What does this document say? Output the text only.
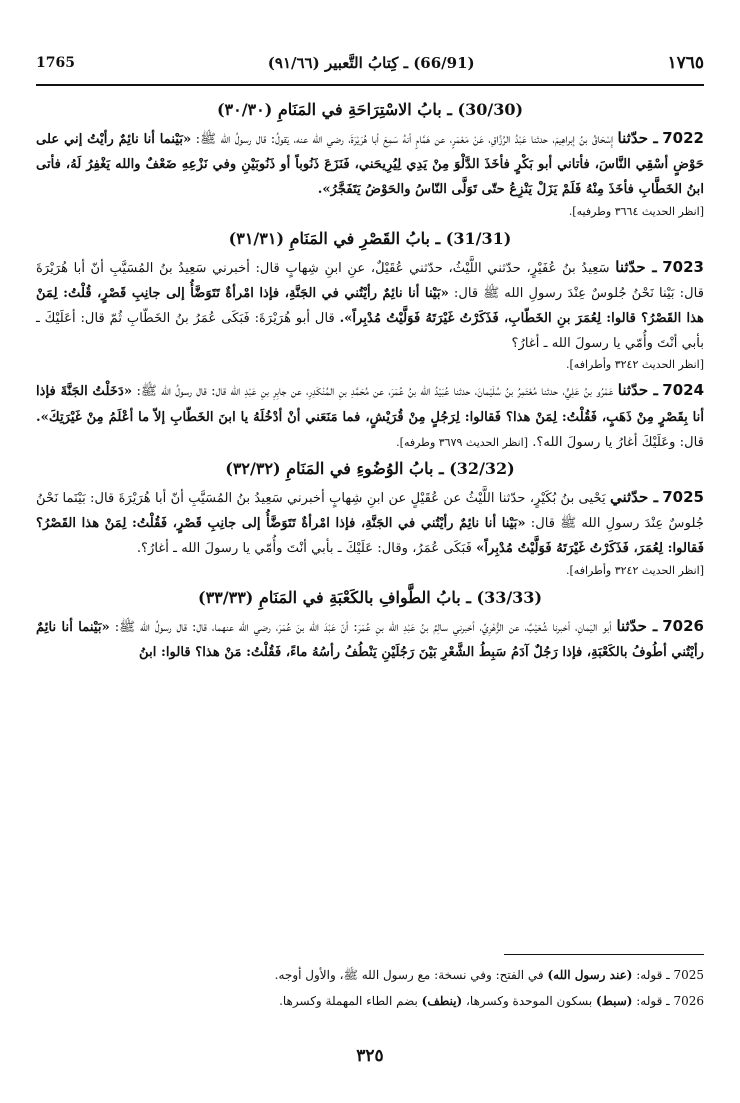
1765	(66/91) ـ كِتابُ التَّعبير (٩١/٦٦)	١٧٦٥

(30/30) ـ بابُ الاسْتِرَاحَةِ في المَنَامِ (٣٠/٣٠)

7022 ـ حدّثنا إِسْحَاقُ بنُ إبراهِيمَ، حدثنا عَبْدُ الرَّزَّاقِ، عَنْ مَعْمَرٍ، عن هَمَّامٍ أنهُ سَمِعَ أبا هُرَيْرَةَ، رضي الله عنه، يَقولُ: قال رسولُ الله ﷺ: «بَيْنما أنا نائِمٌ رأيْتُ إني على حَوْضٍ أسْقِي النَّاسَ، فأتاني أبو بَكْرٍ فأخَذَ الدَّلْوَ مِنْ يَدِي لِيُرِيحَني، فَنَزَعَ ذَنُوباً أو ذَنُوبَيْنِ وفي نَزْعِهِ ضَعْفٌ والله يَغْفِرُ لَهُ، فأتى ابنُ الخَطَّابِ فأخَذَ مِنْهُ فَلَمْ يَزَلْ يَنْزِعُ حتّى تَوَلَّى النّاسُ والحَوْضُ يَتَفَجَّرُ».

[انظر الحديث ٣٦٦٤ وطرفيه].

(31/31) ـ بابُ القَصْرِ في المَنَامِ (٣١/٣١)

7023 ـ حدّثنا سَعِيدُ بنُ عُفَيْرٍ، حدّثني اللَّيْثُ، حدّثني عُقَيْلٌ، عنِ ابنِ شِهابٍ قال: أخبرني سَعِيدُ بنُ المُسَيَّبِ أنّ أبا هُرَيْرَةَ قال: بَيْنا نَحْنُ جُلوسٌ عِنْدَ رسولِ الله ﷺ قال: «بَيْنا أنا نائِمٌ رأيْتُني في الجَنَّةِ، فإذا امْرأةٌ تَتَوَضَّأُ إلى جانِبِ قَصْرٍ، قُلْتُ: لِمَنْ هذا القَصْرُ؟ قالوا: لِعُمَرَ بنِ الخَطّابِ، فَذَكَرْتُ غَيْرَتَهُ فَوَلَّيْتُ مُدْبِراً». قال أبو هُرَيْرَةَ: فَبَكَى عُمَرُ بنُ الخَطّابِ ثُمّ قال: أعَلَيْكَ ـ بأبي أنْتَ وأُمّي يا رسولَ الله ـ أغارُ؟

[انظر الحديث ٣٢٤٢ وأطرافه].

7024 ـ حدّثنا عَمْرُو بنُ عَلِيٍّ، حدثنا مُعْتَمِرُ بنُ سُلَيْمانَ، حدثنا عُبَيْدُ الله بنُ عُمَرَ، عن مُحَمَّدِ بنِ المُنْكَدِرِ، عن جابِرِ بنِ عَبْدِ الله قال: قال رسولُ الله ﷺ: «دَخَلْتُ الجَنَّةَ فإذا أنا بِقَصْرٍ مِنْ ذَهَبٍ، فَقُلْتُ: لِمَنْ هذا؟ فَقالوا: لِرَجُلٍ مِنْ قُرَيْشٍ، فما مَنَعَني أنْ أدْخُلَهُ يا ابنَ الخَطّابِ إلاّ ما أعْلَمُ مِنْ غَيْرَتِكَ». قال: وعَلَيْكَ أغارُ يا رسولَ الله؟. [انظر الحديث ٣٦٧٩ وطرفه].

(32/32) ـ بابُ الوُضُوءِ في المَنَامِ (٣٢/٣٢)

7025 ـ حدّثني يَحْيى بنُ بُكَيْرٍ، حدّثنا اللَّيْثُ عن عُقَيْلٍ عن ابنِ شِهابٍ أخبرني سَعِيدُ بنُ المُسَيَّبِ أنّ أبا هُرَيْرَةَ قال: بَيْنَما نَحْنُ جُلوسٌ عِنْدَ رسولِ الله ﷺ قال: «بَيْنا أنا نائِمٌ رأيْتُني في الجَنَّةِ، فإذا امْرأةٌ تَتَوَضَّأُ إلى جانِبِ قَصْرٍ، فَقُلْتُ: لِمَنْ هذا القَصْرُ؟ فَقالوا: لِعُمَرَ، فَذَكَرْتُ غَيْرَتَهُ فَوَلَّيْتُ مُدْبِراً» فَبَكَى عُمَرُ، وقال: عَلَيْكَ ـ بأبي أنْتَ وأُمّي يا رسولَ الله ـ أغارُ؟.

[انظر الحديث ٣٢٤٢ وأطرافه].

(33/33) ـ بابُ الطَّوافِ بالكَعْبَةِ في المَنَامِ (٣٣/٣٣)

7026 ـ حدّثنا أبو اليَمانِ، أخبرنا شُعَيْبٌ، عن الزُّهْرِيِّ، أخبرني سالِمُ بنُ عَبْدِ الله بنِ عُمَرَ: أنّ عَبْدَ الله بنَ عُمَرَ، رضي الله عنهما، قال: قال رسولُ الله ﷺ: «بَيْنما أنا نائِمٌ رأيْتُني أطُوفُ بالكَعْبَةِ، فإذا رَجُلٌ آدَمُ سَبِطُ الشَّعْرِ بَيْنَ رَجُلَيْنِ يَنْطُفُ رأسُهُ ماءً، فَقُلْتُ: مَنْ هذا؟ قالوا: ابنُ

7025 ـ قوله: (عند رسول الله) في الفتح: وفي نسخة: مع رسول الله ﷺ، والأول أوجه.

7026 ـ قوله: (سبط) بسكون الموحدة وكسرها، (ينطف) بضم الطاء المهملة وكسرها.

٣٢٥
